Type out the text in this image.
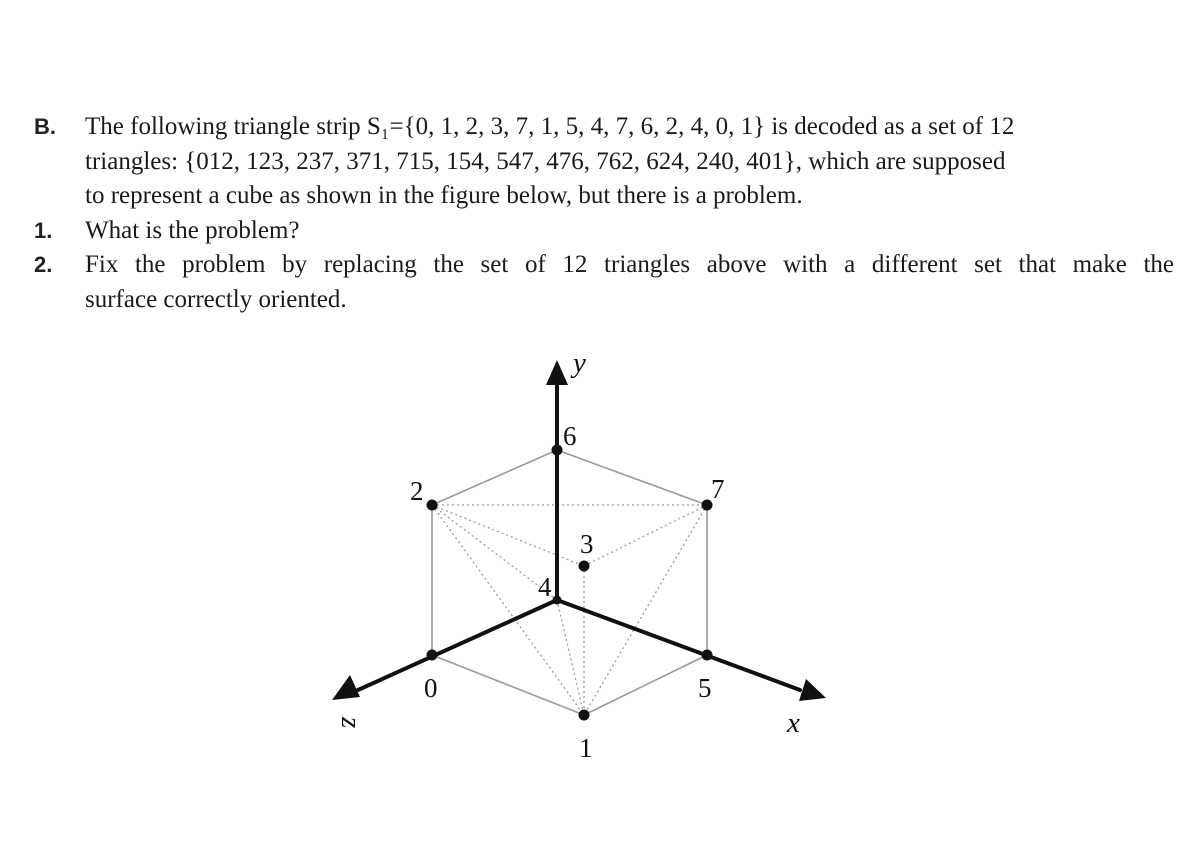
B.	The following triangle strip S₁={0, 1, 2, 3, 7, 1, 5, 4, 7, 6, 2, 4, 0, 1} is decoded as a set of 12
triangles: {012, 123, 237, 371, 715, 154, 547, 476, 762, 624, 240, 401}, which are supposed
to represent a cube as shown in the figure below, but there is a problem.
1.	What is the problem?
2.	Fix the problem by replacing the set of 12 triangles above with a different set that make the
surface correctly oriented.
0
1
2
3
4
5
6
7
y
z	x
